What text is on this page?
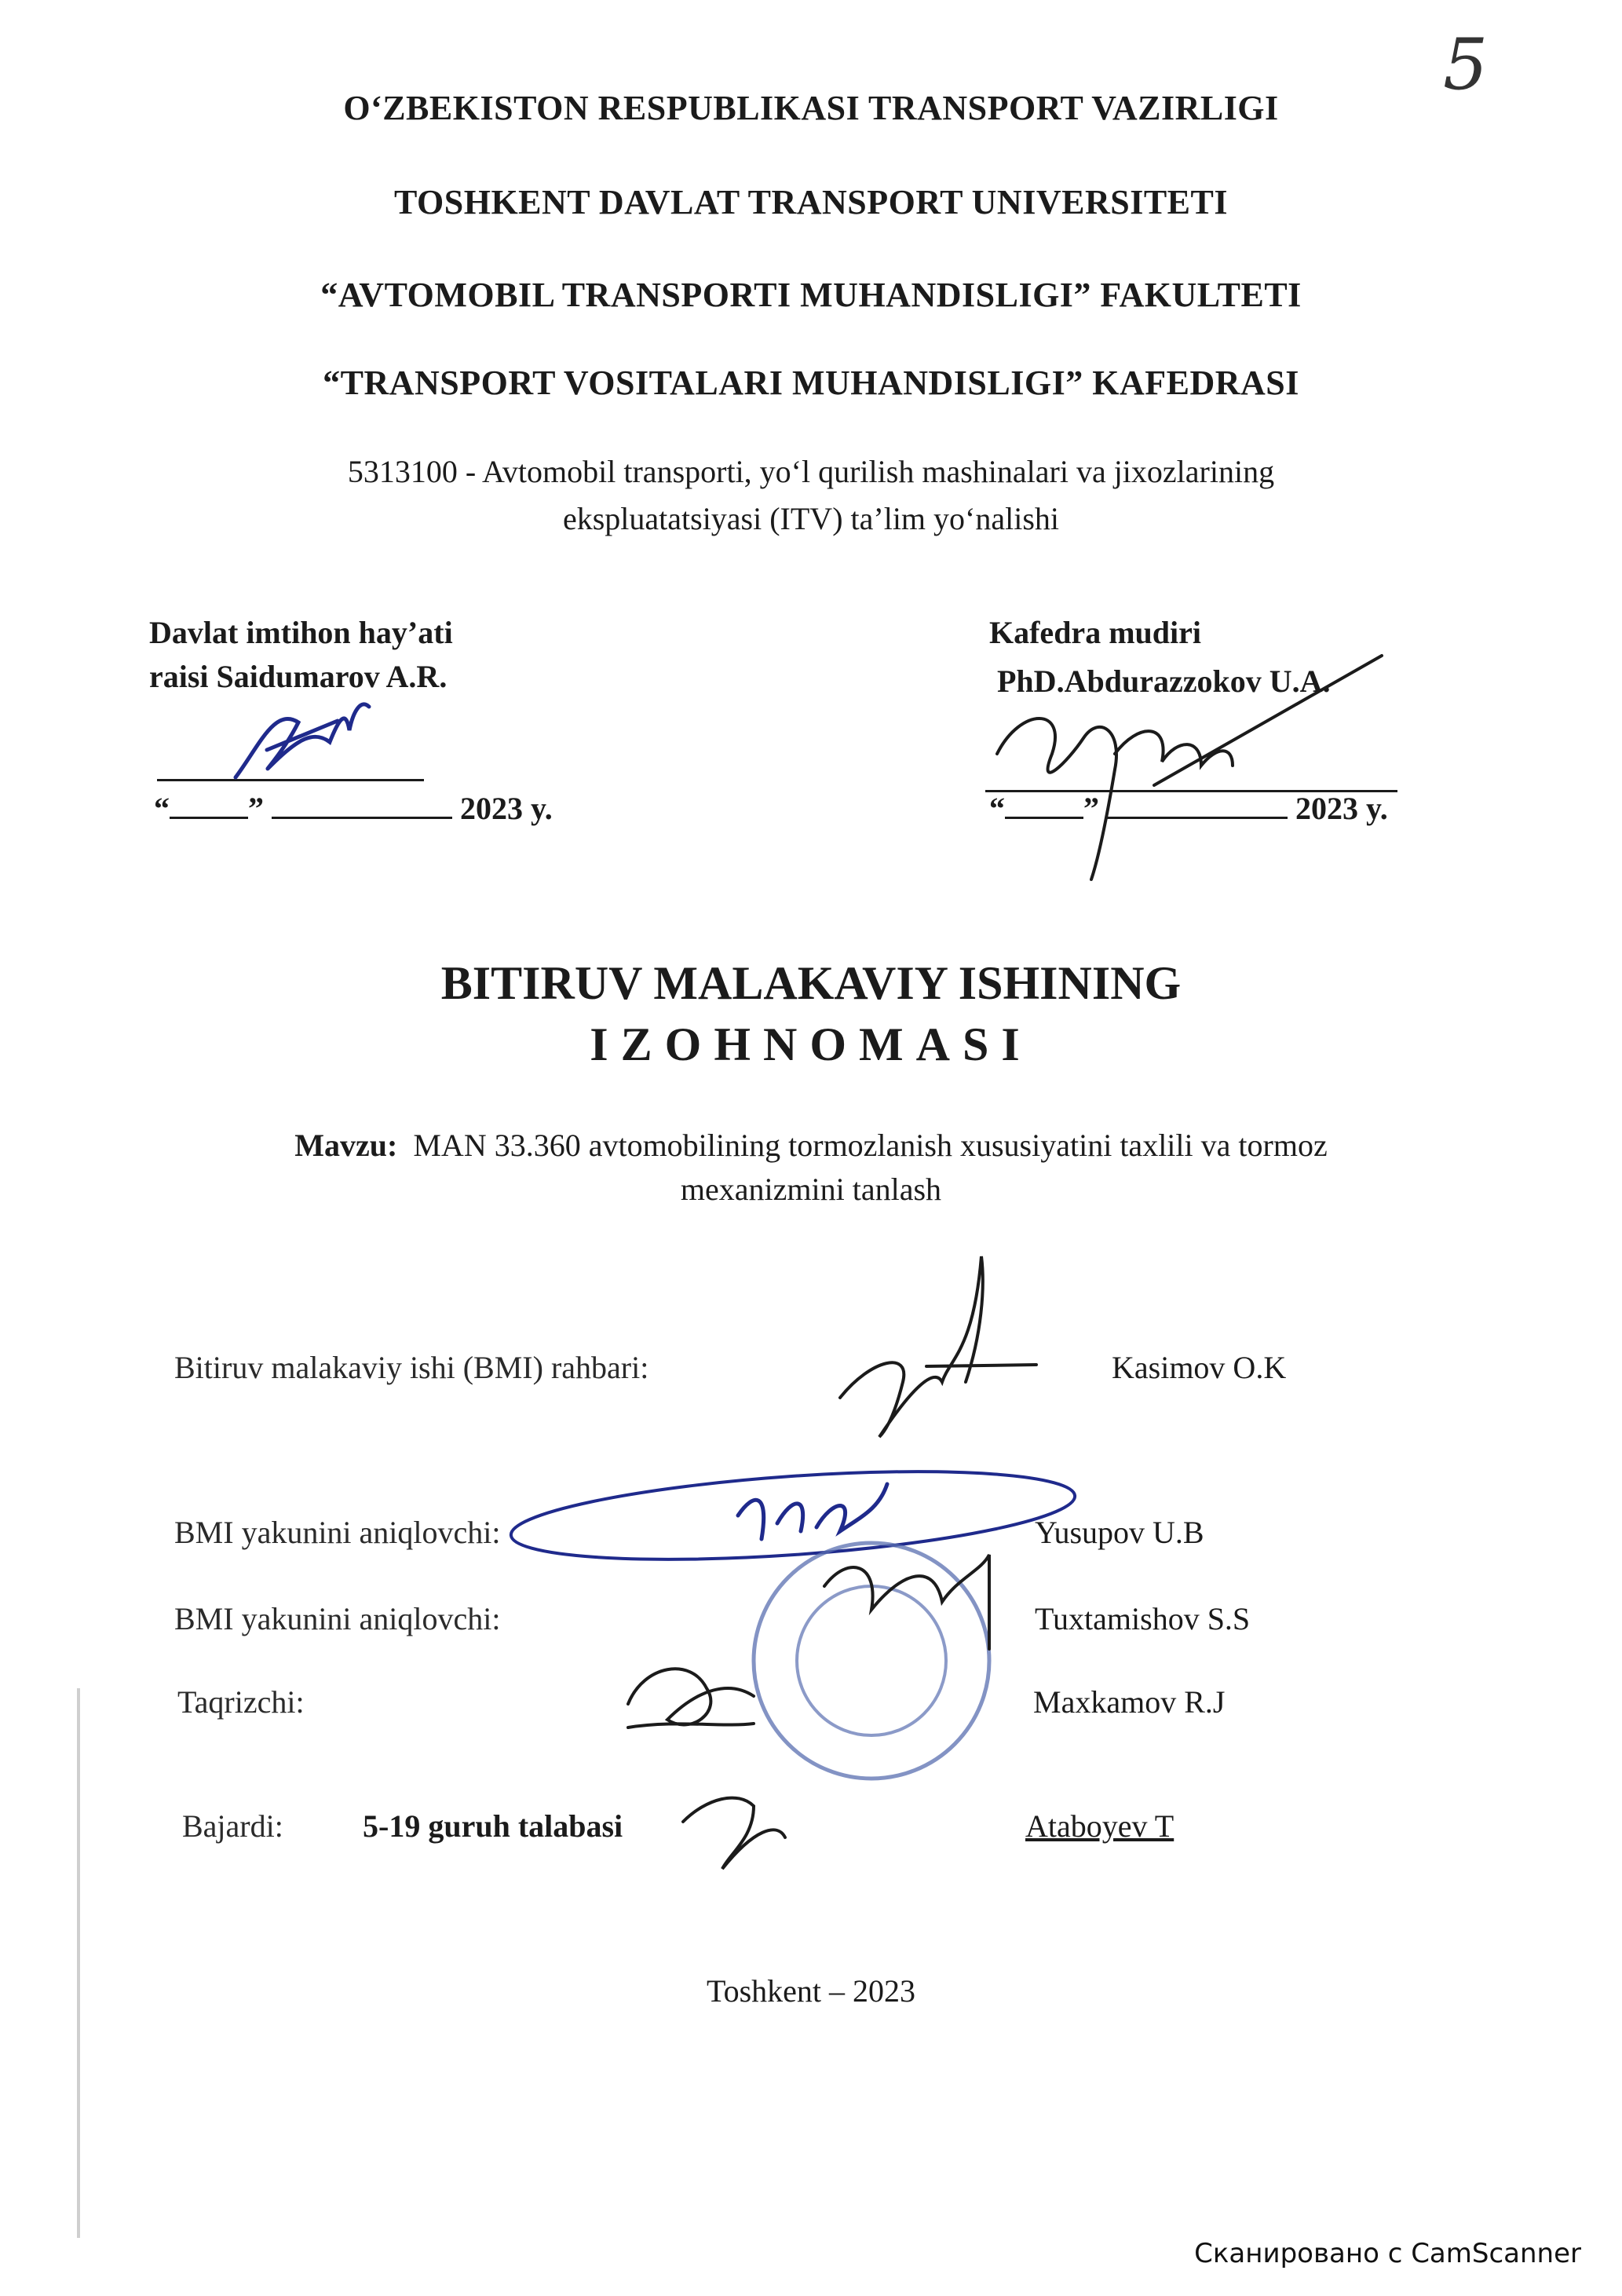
5
O‘ZBEKISTON RESPUBLIKASI TRANSPORT VAZIRLIGI
TOSHKENT DAVLAT TRANSPORT UNIVERSITETI
“AVTOMOBIL TRANSPORTI MUHANDISLIGI” FAKULTETI
“TRANSPORT VOSITALARI MUHANDISLIGI” KAFEDRASI
5313100 - Avtomobil transporti, yo‘l qurilish mashinalari va jixozlarining
ekspluatatsiyasi (ITV) ta’lim yo‘nalishi
Davlat imtihon hay’ati
raisi Saidumarov A.R.
Kafedra mudiri
PhD.Abdurazzokov U.A.
“	”	2023 y.	“	”	2023 y.
BITIRUV MALAKAVIY ISHINING
IZOHNOMASI
Mavzu: MAN 33.360 avtomobilining tormozlanish xususiyatini taxlili va tormoz
mexanizmini tanlash
Bitiruv malakaviy ishi (BMI) rahbari:	Kasimov O.K
BMI yakunini aniqlovchi:	Yusupov U.B
BMI yakunini aniqlovchi:	Tuxtamishov S.S
Taqrizchi:	Maxkamov R.J
Bajardi:	5-19 guruh talabasi	Ataboyev T
Toshkent – 2023
Сканировано с CamScanner
